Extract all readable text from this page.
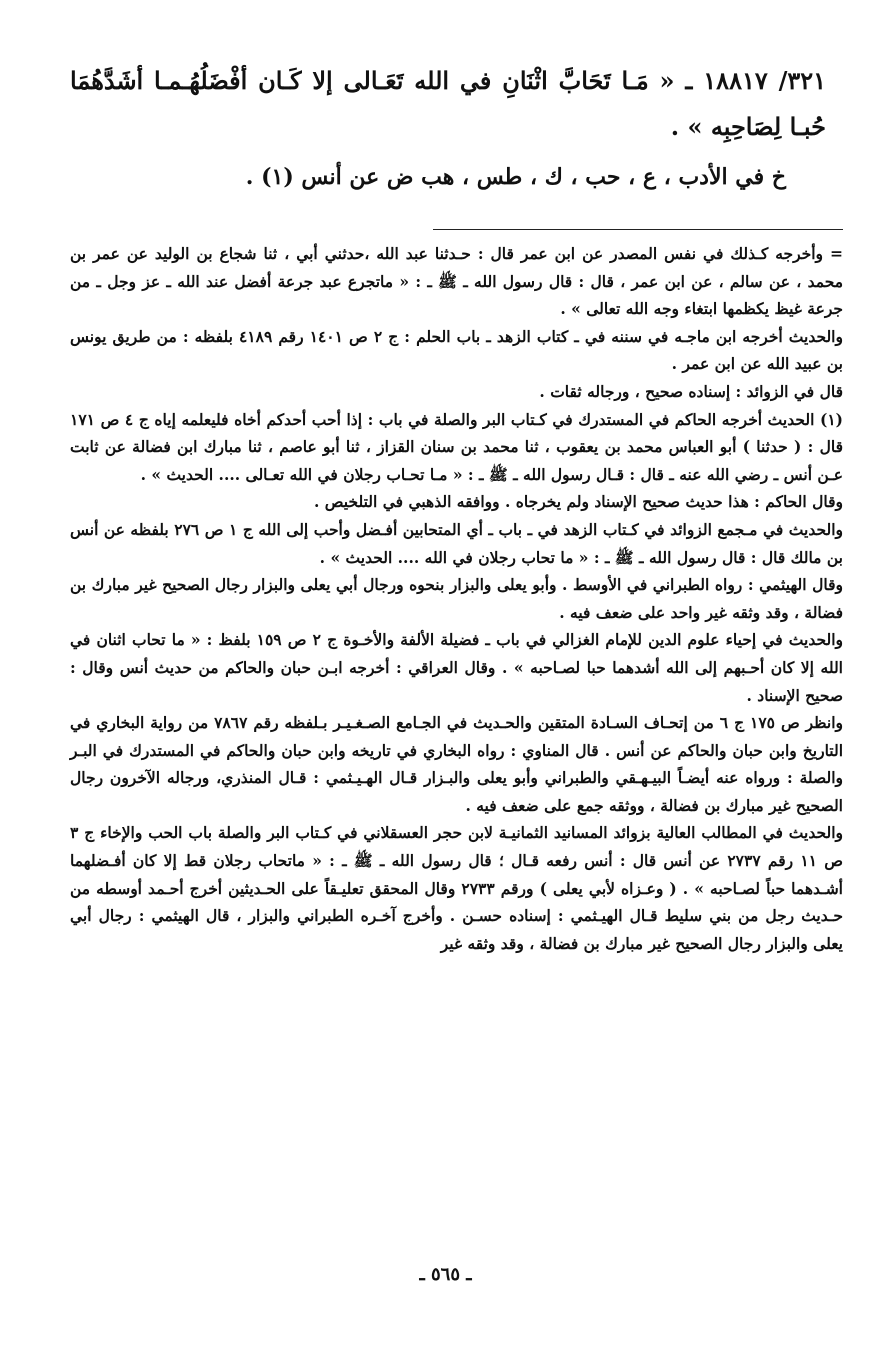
٣٢١/ ١٨٨١٧ ـ « مَـا تَحَابَّ اثْنَانِ في الله تَعَـالى إلا كَـان أفْضَلُهُـمـا أشَدَّهُمَا حُبـا لِصَاحِبِه » .

خ في الأدب ، ع ، حب ، ك ، طس ، هب ض عن أنس (١) .

= وأخرجه كـذلك في نفس المصدر عن ابن عمر قال : حـدثنا عبد الله ،حدثني أبي ، ثنا شجاع بن الوليد عن عمر بن محمد ، عن سالم ، عن ابن عمر ، قال : قال رسول الله ـ ﷺ ـ : « ماتجرع عبد جرعة أفضل عند الله ـ عز وجل ـ من جرعة غيظ يكظمها ابتغاء وجه الله تعالى » .

والحديث أخرجه ابن ماجـه في سننه في ـ كتاب الزهد ـ باب الحلم : ج ٢ ص ١٤٠١ رقم ٤١٨٩ بلفظه : من طريق يونس بن عبيد الله عن ابن عمر .

قال في الزوائد : إسناده صحيح ، ورجاله ثقات .

(١) الحديث أخرجه الحاكم في المستدرك في كـتاب البر والصلة في باب : إذا أحب أحدكم أخاه فليعلمه إياه ج ٤ ص ١٧١ قال : ( حدثنا ) أبو العباس محمد بن يعقوب ، ثنا محمد بن سنان القزاز ، ثنا أبو عاصم ، ثنا مبارك ابن فضالة عن ثابت عـن أنس ـ رضي الله عنه ـ قال : قـال رسول الله ـ ﷺ ـ : « مـا تحـاب رجلان في الله تعـالى .... الحديث » .

وقال الحاكم : هذا حديث صحيح الإسناد ولم يخرجاه . ووافقه الذهبي في التلخيص .

والحديث في مـجمع الزوائد في كـتاب الزهد في ـ باب ـ أي المتحابين أفـضل وأحب إلى الله ج ١ ص ٢٧٦ بلفظه عن أنس بن مالك قال : قال رسول الله ـ ﷺ ـ : « ما تحاب رجلان في الله .... الحديث » .

وقال الهيثمي : رواه الطبراني في الأوسط . وأبو يعلى والبزار بنحوه ورجال أبي يعلى والبزار رجال الصحيح غير مبارك بن فضالة ، وقد وثقه غير واحد على ضعف فيه .

والحديث في إحياء علوم الدين للإمام الغزالي في باب ـ فضيلة الألفة والأخـوة ج ٢ ص ١٥٩ بلفظ : « ما تحاب اثنان في الله إلا كان أحـبهم إلى الله أشدهما حبا لصـاحبه » . وقال العراقي : أخرجه ابـن حبان والحاكم من حديث أنس وقال : صحيح الإسناد .

وانظر ص ١٧٥ ج ٦ من إتحـاف السـادة المتقين والحـديث في الجـامع الصـغـيـر بـلفظه رقم ٧٨٦٧ من رواية البخاري في التاريخ وابن حبان والحاكم عن أنس . قال المناوي : رواه البخاري في تاريخه وابن حبان والحاكم في المستدرك في البـر والصلة : ورواه عنه أيضـاً البيـهـقي والطبراني وأبو يعلى والبـزار قـال الهـيـثمي : قـال المنذري، ورجاله الآخرون رجال الصحيح غير مبارك بن فضالة ، ووثقه جمع على ضعف فيه .

والحديث في المطالب العالية بزوائد المسانيد الثمانيـة لابن حجر العسقلاني في كـتاب البر والصلة باب الحب والإخاء ج ٣ ص ١١ رقم ٢٧٣٧ عن أنس قال : أنس رفعه قـال ؛ قال رسول الله ـ ﷺ ـ : « ماتحاب رجلان قط إلا كان أفـضلهما أشـدهما حباً لصـاحبه » . ( وعـزاه لأبي يعلى ) ورقم ٢٧٣٣ وقال المحقق تعليـقاً على الحـديثين أخرج أحـمد أوسطه من حـديث رجل من بني سليط قـال الهيـثمي : إسناده حسـن . وأخرج آخـره الطبراني والبزار ، قال الهيثمي : رجال أبي يعلى والبزار رجال الصحيح غير مبارك بن فضالة ، وقد وثقه غير

ـ ٥٦٥ ـ
